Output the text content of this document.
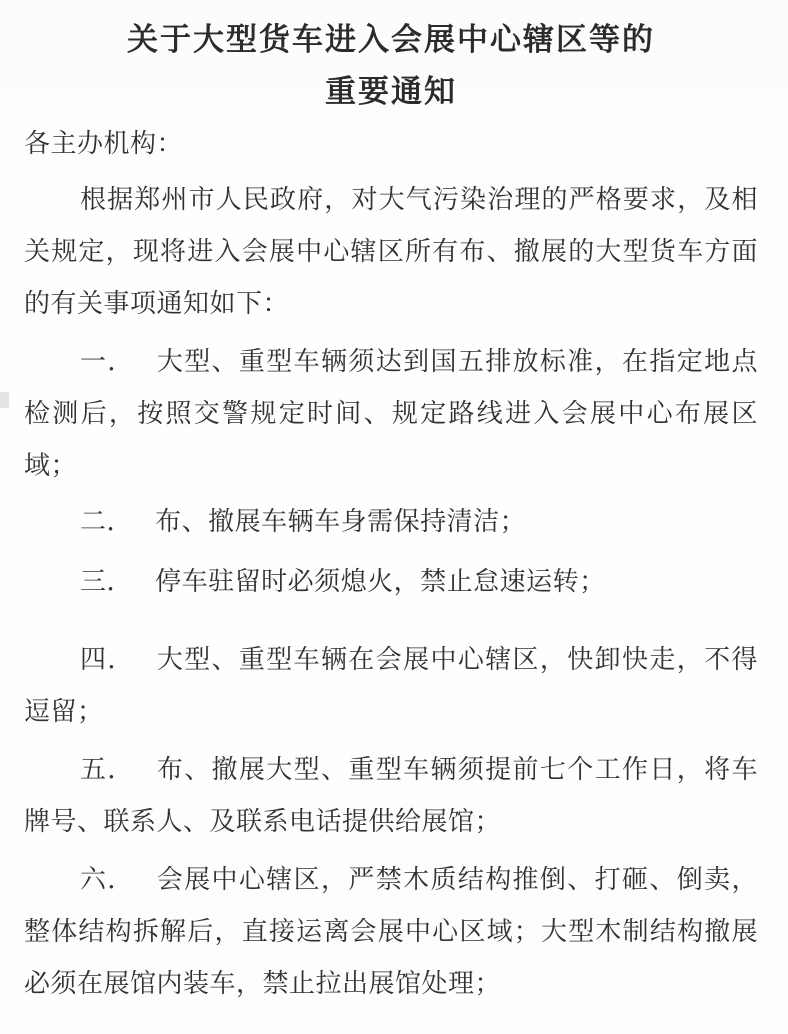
关于大型货车进入会展中心辖区等的
重要通知

各主办机构：

根据郑州市人民政府，对大气污染治理的严格要求，及相关规定，现将进入会展中心辖区所有布、撤展的大型货车方面的有关事项通知如下：

一． 大型、重型车辆须达到国五排放标准，在指定地点检测后，按照交警规定时间、规定路线进入会展中心布展区域；

二． 布、撤展车辆车身需保持清洁；

三． 停车驻留时必须熄火，禁止怠速运转；

四． 大型、重型车辆在会展中心辖区，快卸快走，不得逗留；

五． 布、撤展大型、重型车辆须提前七个工作日，将车牌号、联系人、及联系电话提供给展馆；

六． 会展中心辖区，严禁木质结构推倒、打砸、倒卖，整体结构拆解后，直接运离会展中心区域；大型木制结构撤展必须在展馆内装车，禁止拉出展馆处理；
